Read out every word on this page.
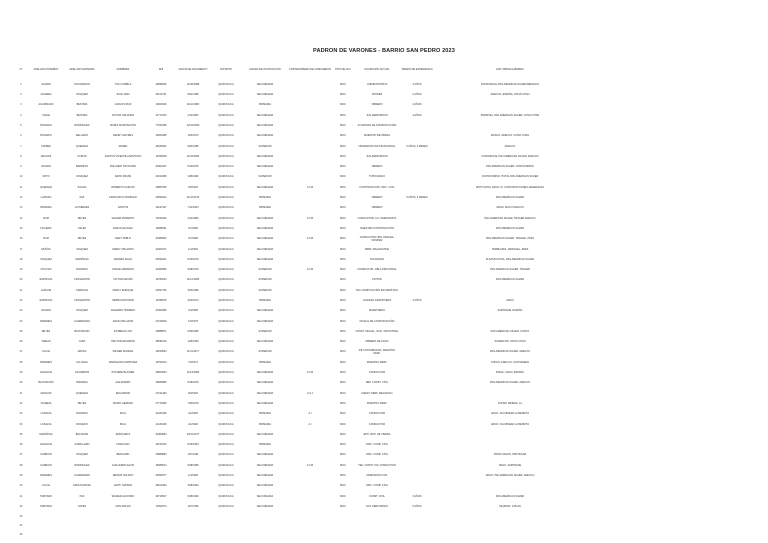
PADRON DE VARONES - BARRIO SAN PEDRO 2023
N°	APELLIDO PATERNO	APELLIDO MATERNO	NOMBRES	DNI	FECHA DE NACIMIENTO	DISTRITO	GRADO DE INSTRUCCIÓN	CORTE/NÚMERO DE COMUNEROS	TIPO DE ACC	OCUPACIÓN ACTUAL	TIEMPO DE EXPERIENCIA	EXP. OBRAS/LABORES
1	ALVARO	SOLORZANO	TOLO AMBILA	42898625	11/08/1988	QUIRUVILCA	SECUNDARIA		MOC	LABORATORISTA	3 AÑOS	CONSORCIAL PAN AMERICAN SILVER/ABENGOA
2	ALVAREZ	VASQUEZ	JUAN JARA	44072741	9/01/1988	QUIRUVILCA	SECUNDARIA		MOC	CHOFER	2 AÑOS	ADECCO, ESPAÑA, ICHAN CHAN
3	AGUIRRANO	BENITES	CARLOS RUIZ	10000916	11/10/1984	QUIRUVILCA	PRIMARIA		MOC	OBRERO	4 AÑOS	
4	VIGUE	BENITES	VICTOR ORLANDO	41717033	4/11/1980	QUIRUVILCA	SECUNDARIA		MOC	JUN-PERFORISTA	4 AÑOS	PARDOSA, PAN AMERICAN SILVER, ICHAN CHAN
5	ROSARIO	RODRIGUEZ	MARIO WASHINGTON	77029158	22/04/1990	QUIRUVILCA	SECUNDARIA		MOC	AYUDANTE DE CONSTRUCCIÓN		
6	ROSARIO	DELGADO	DENNY MAYRES	19060485	1/03/1970	QUIRUVILCA	SECUNDARIA		MOC	MAESTRO DE OBRAS		MAXCO, ADECCO, ICHAN CHAN
7	TARRES	QUEZADA	RUBEN	46182502	9/04/1985	QUIRUVILCA	SUPERIOR		MOC	OPERADOR MULTIFUNCIONAL	5 AÑOS, 3 MESES	ADECCO
8	ARAGOZ	OTIRAS	SANTOS VICENTE ANASTACIO	19786038	11/03/1969	QUIRUVILCA	SECUNDARIA		MOC	JUN-PERFORISTA		CONSORCIAL PAN AMERICAN SILVER, ADECCO
9	LOZANO	BARRETO	ROLANDO NATIVIDAD	41802427	5/10/1976	QUIRUVILCA	SECUNDARIA		MOC	OBRERO		PAN AMERICAN SILVER, CONSTANDINO
10	SOTO	VASQUEZ	DAVID FRANK	41610489	1/08/1982	QUIRUVILCA	SUPERIOR		MOC	TOPOGRAFO		CONSTANDINO, HOTAL PAN AMERICAN SILVER
11	QUEZADA	SALINA	ROBERTO CARLOS	40987035	3/5/1992	QUIRUVILCA	SECUNDARIA	A.V.B	MOC	CONSTRUCCIÓN, OFIC. CIVIL		MOTO-NINO, ARGO, M. CONSTRUCCIONES GENERALES
12	LAPISAO	PAZ	FRANCISCO DOMINGO	19593912	31/10/1974	QUIRUVILCA	PRIMARIA		MOC	OBRERO	5 AÑOS, 3 MESES	PAN AMERICAN SILVER
13	MIRANDA	GUTIERREZ	SANTOS	19147447	7/11/1963	QUIRUVILCA	PRIMARIA		MOC	OBRERO		ARGO, MAS CHAZLUIS
14	RUIZ	REYES	WILVER MODESTO	70154090	4/11/1989	QUIRUVILCA	SECUNDARIA	A.V.B	MOC	CONDUCTOR, LIC. PERFORISTA		PAN AMERICAN SILVER, TRAGER ADECCO
15	FIGUERA	SALIRI	EFRAIN ELIGIAS	19085251	4/7/1980	QUIRUVILCA	SECUNDARIA		MOC	MAESTRO CONSTRUCCIÓN		PAN AMERICAN SILVER
16	RUIZ	REYES	NERY PABLO	41586840	3/7/1986	QUIRUVILCA	SECUNDARIA	A.V.B	MOC	CONDUCTOR OPE. PESADA-DUMPER		PAN AMERICAN SILVER, TRAGER, ZOSS
17	MUÑOZ	VASQUEZ	FREDY ORLANDO	41604071	1/2/1982	QUIRUVILCA	SECUNDARIA		MOC	PERF. MAGANATINA		TEMBLADOL, BRASILEL, ZERA
18	VASQUEZ	MARIÑOSA	ANDRES ISAAC	40929211	9/10/1979	QUIRUVILCA	SECUNDARIA		MOC	SOLDADOR		M-SANTA ROSA, PAN AMERICAN SILVER
19	CHUCON	ROSARIO	JORGE ARMANDO	41969959	9/28/1979	QUIRUVILCA	SUPERIOR	A.V.B	MOC	CONDUCTOR, OBLA INDUSTRIAL		PAN AMERICAN SILVER, TRAGER
20	ESPINOZA	CASSANHOR	VICTOR MAURO	19780023	11/12/1965	QUIRUVILCA	SUPERIOR		MOC	PINTOR		PAN AMERICAN SILVER
21	LAZCAM	CARRASA	PERCY ENRIQUE	41597769	3/23/1986	QUIRUVILCA	SUPERIOR		MOC	TEC COMPUTACIÓN INFORMÁTICA		
22	ESPINOZA	CASSANHOR	PERNAN ROSTER	19789678	4/20/1973	QUIRUVILCA	PRIMARIA		MOC	JUAKERA CARPINTERO	3 AÑOS	ARGO
23	LOZANO	VASQUEZ	PALERMO HOMERO	41509456	3/4/1985	QUIRUVILCA	SECUNDARIA		MOC	MAESTRERO		SARTRANE, ESPAÑA
24	PAREDES	GUARDENAS	KEVIN WILLIAMS	47016626	1/5/1978	QUIRUVILCA	SECUNDARIA		MOC	OFICIAL DE CONSTRUCCIÓN		
25	REYES	BALTODANO	ESTEBAN LUIS	40988871	5/30/1986	QUIRUVILCA	SUPERIOR		MOC	CONST. MIGUAL, OFIC. INDUSTRIAL		PAN AMERICAN SILVER, CONST.
26	VIERAS	LARA	HECTOR EDUARDO	48895118	1/25/1993	QUIRUVILCA	SECUNDARIA		MOC	OBRERO DE COCO		SANDECON, ICHAN CHAN
27	ULLOA	GROFA	WILDER MANUEL	19150564	11/11/1977	QUIRUVILCA	SUPERIOR		MOC	P.B CONTABILIDAD, MAESTRO PERF.		PAN AMERICAN SILVER, ADECCO
28	PAREDES	ULLOLES	MARCELINO MARTINEZ	19752013	7/9/1972	QUIRUVILCA	PRIMARIA		MOC	MAESTRO PERF.		CHUAN, ADECCO, CON MINERA
29	VALENCIA	CAUDERON	ROVIERE BLAINER	48502954	11/13/1986	QUIRUVILCA	SECUNDARIA	A.V.B	MOC	CONDUCTOR		PARAL, ARGO, ESPAÑA
30	BALTODANO	MIRANDA	ALEJANDRO	40568989	8/18/1979	QUIRUVILCA	SECUNDARIA		MOC	REP. CONST. CIVIL		PAN AMERICAN SILVER, ADECCO
31	RANGOS	QUEZADA	EDUARDOR	47011483	8/9/1990	QUIRUVILCA	SECUNDARIA	A.V.1	MOC	MAEST. PERF. MECANICO		
32	CISNEZA	REYES	MARIO GERMAN	47715480	7/30/1979	QUIRUVILCA	SECUNDARIA		MOC	MAESTRO PERF.		CONSP. MINERA, CL
33	LOSALVA	ROSARIO	PAUL	41431069	4/1/1982	QUIRUVILCA	PRIMARIA	A.I	MOC	CONDUCTOR		ARGO, CIA MINERA LA BENDITA
34	LOSALVA	ROSARIO	PAUL	41431069	4/1/1982	QUIRUVILCA	PRIMARIA	A.I	MOC	CONDUCTOR		ARGO, CIA MINERA LA BENDITA
35	MARIÑOSA	BALTAZAR	ENRIQUETA	40408084	10/31/1977	QUIRUVILCA	SECUNDARIA		MOC	EPO, MOV. DE TIERRA		
36	VALENCIA	CABALLERO	FRANCISO	19741530	8/15/1963	QUIRUVILCA	PRIMARIA		MOC	CIRC. CONB. CIVIL		
37	CARRION	VASQUEZ	BENJAMIN	40888883	1/27/1991	QUIRUVILCA	SECUNDARIA		MOC	CIRC. CONB. CIVIL		MONO VASON, PROYECAR
38	CARRION	RODRIGUEZ	GUILLERMO ELVIS	45089514	9/28/1986	QUIRUVILCA	SECUNDARIA	A.V.B	MOC	TEC. CONST. INF. CONDUCTOR		ARGO, SARTRANE
39	PAREDES	GUARDENAS	DENNIS SOLANO	44590577	1/3/1985	QUIRUVILCA	SECUNDARIA		MOC	OPERADOR CIVIL		ARGO, PAN AMERICAN SILVER, ADECCO
40	ULLOA	ARGUIJANOSA	LETHI YERSON	48104493	3/28/1994	QUIRUVILCA	SECUNDARIA		MOC	CIRC. CONB. CIVIL		
41	HURTADO	PAZ	WILMER ALFONSO	46716547	6/28/1990	QUIRUVILCA	SECUNDARIA		MOC	CONST. CIVIL	3 AÑOS	PAN AMERICAN SILVER
42	HURTADO	LOPEZ	IVAN MATIAS	70362073	12/7/1996	QUIRUVILCA	SECUNDARIA		MOC	JUN. PERFORISTA	5 AÑOS	SILVERIO, CHUAN
43												
44												
45												
